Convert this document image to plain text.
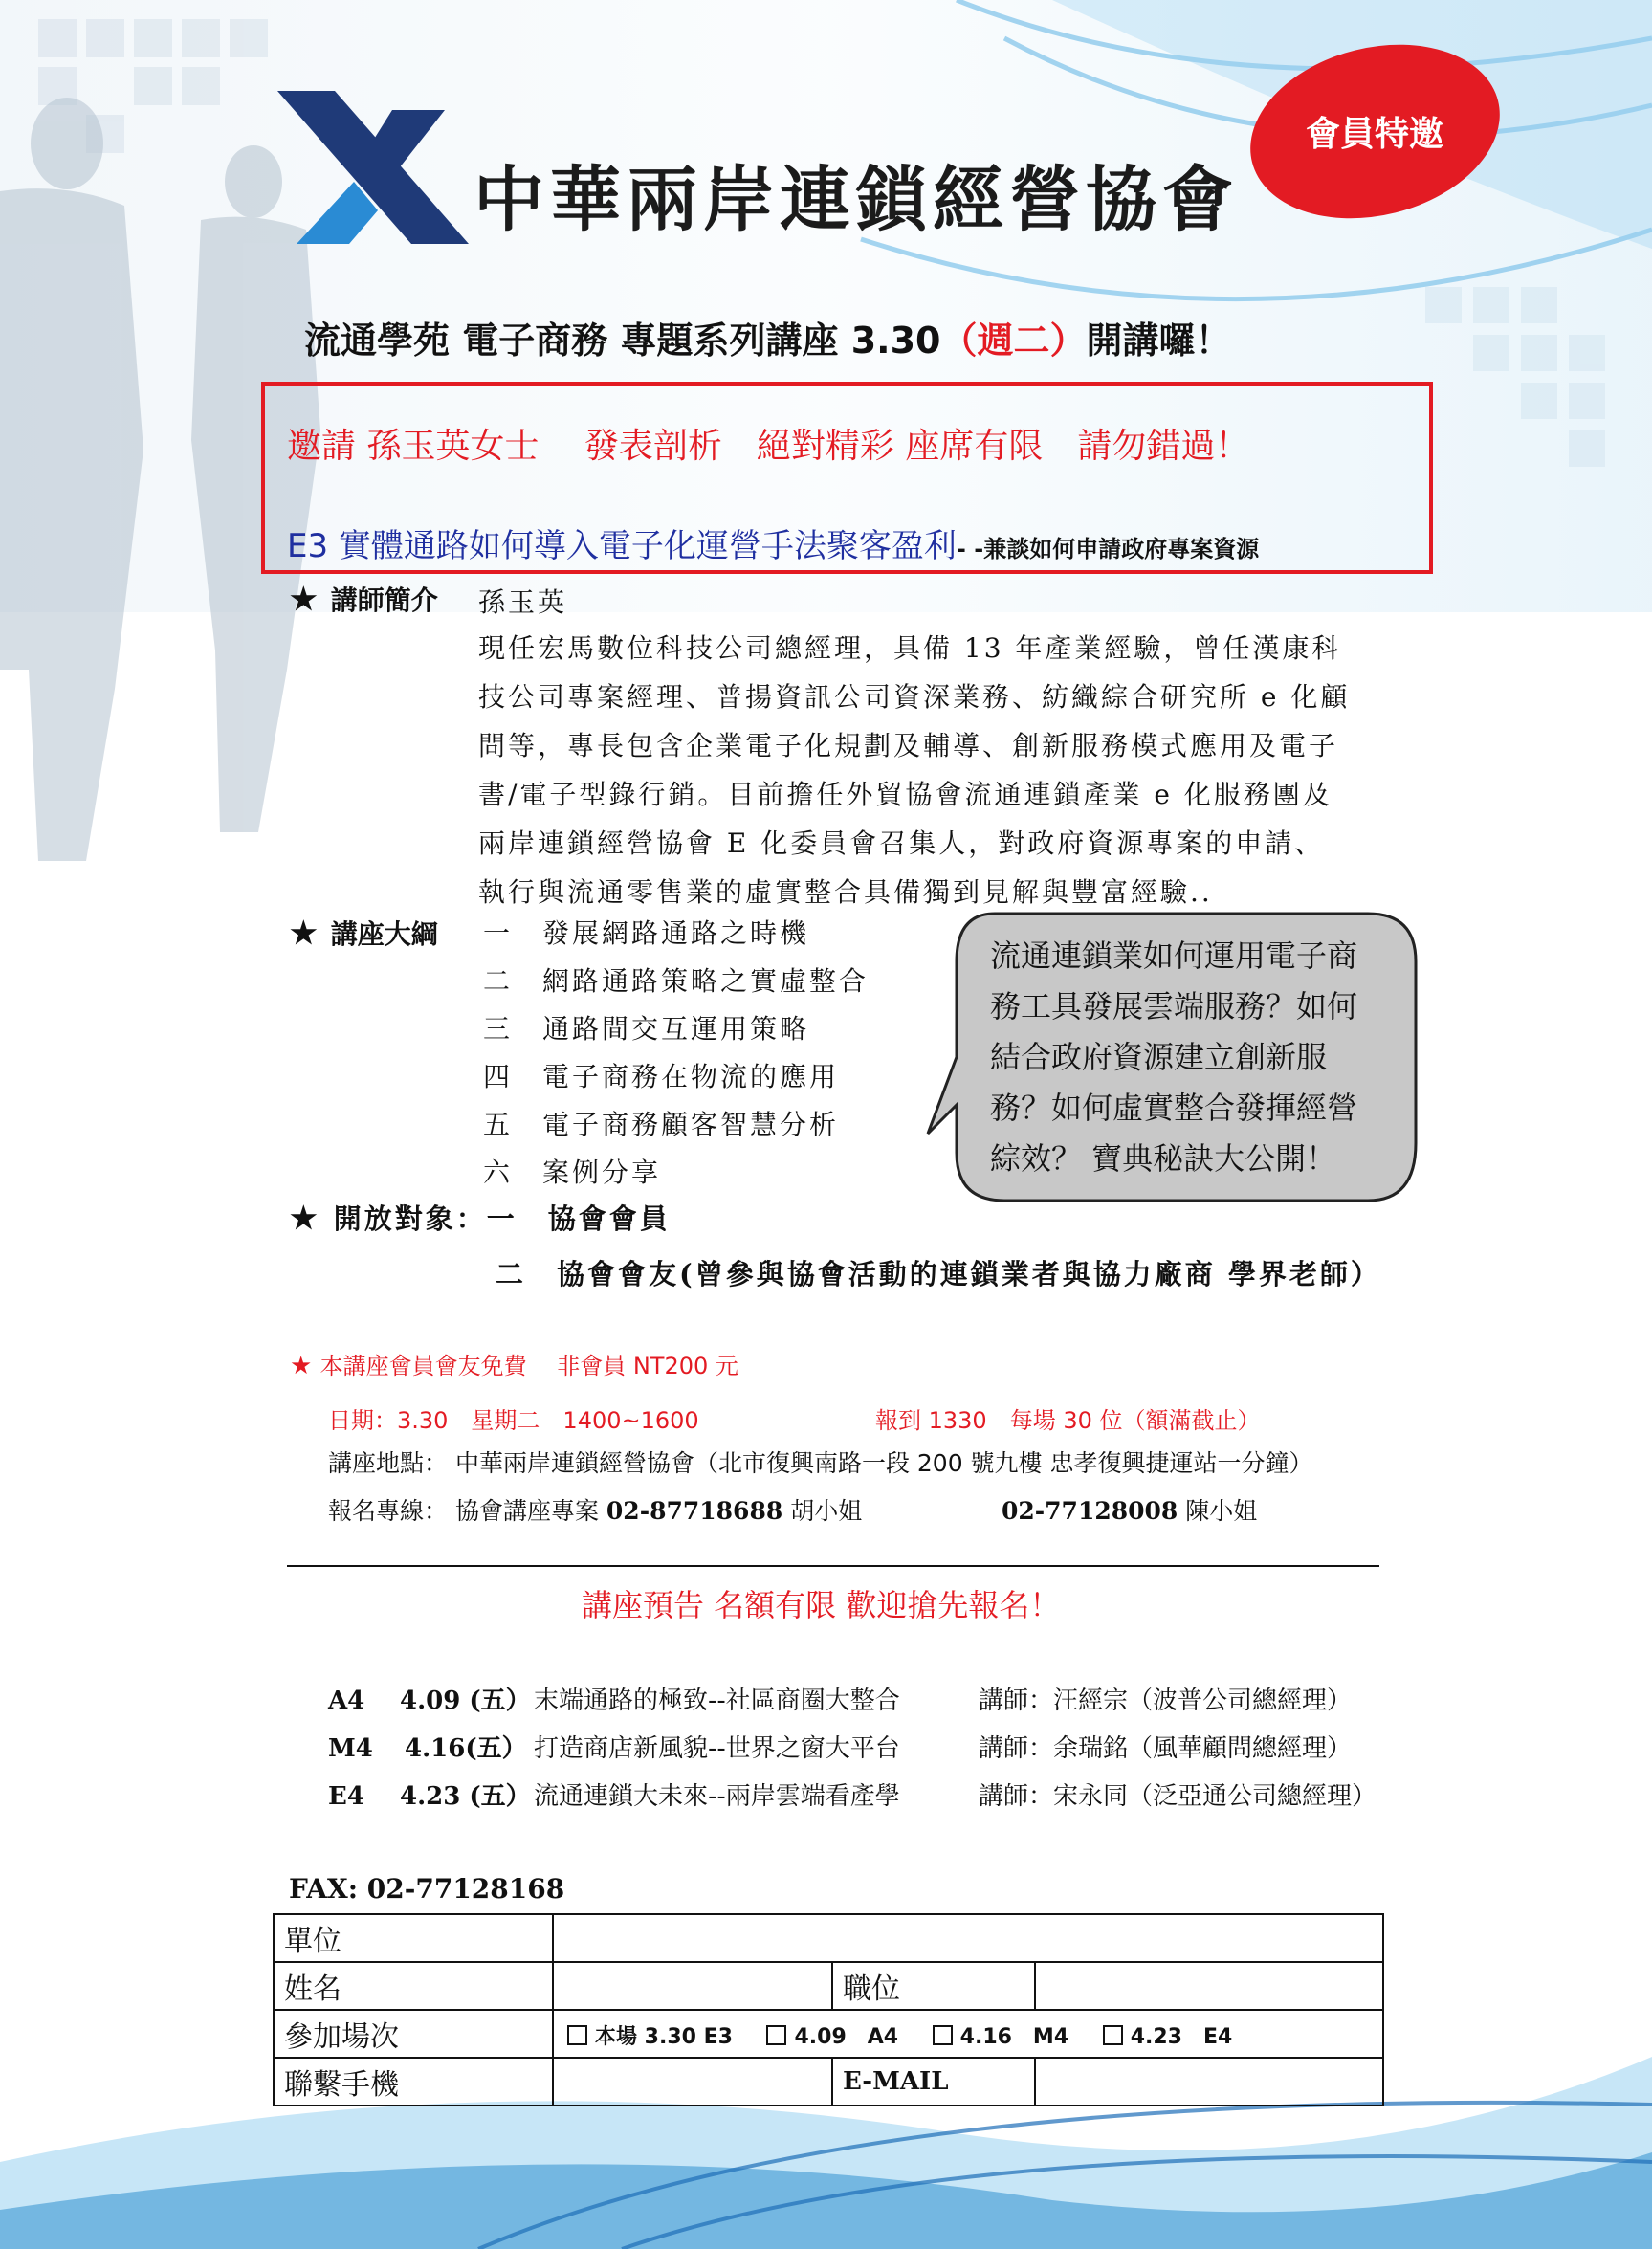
中華兩岸連鎖經營協會
會員特邀
流通學苑 電子商務 專題系列講座 3.30（週二）開講囉！
邀請 孫玉英女士　 發表剖析　絕對精彩 座席有限　請勿錯過！
E3 實體通路如何導入電子化運營手法聚客盈利- -兼談如何申請政府專案資源
★ 講師簡介 孫玉英
現任宏馬數位科技公司總經理，具備 13 年產業經驗，曾任漢康科
技公司專案經理、普揚資訊公司資深業務、紡織綜合研究所 e 化顧
問等，專長包含企業電子化規劃及輔導、創新服務模式應用及電子
書/電子型錄行銷。目前擔任外貿協會流通連鎖產業 e 化服務團及
兩岸連鎖經營協會 E 化委員會召集人，對政府資源專案的申請、
執行與流通零售業的虛實整合具備獨到見解與豐富經驗..
★ 講座大綱 一　發展網路通路之時機
二　網路通路策略之實虛整合
三　通路間交互運用策略
四　電子商務在物流的應用
五　電子商務顧客智慧分析
六　案例分享
流通連鎖業如何運用電子商
務工具發展雲端服務？如何
結合政府資源建立創新服
務？如何虛實整合發揮經營
綜效？ 寶典秘訣大公開！
★ 開放對象：一　協會會員
二　協會會友(曾參與協會活動的連鎖業者與協力廠商 學界老師）
★ 本講座會員會友免費　 非會員 NT200 元
日期：3.30　星期二　1400~1600	報到 1330　每場 30 位（額滿截止）
講座地點： 中華兩岸連鎖經營協會（北市復興南路一段 200 號九樓 忠孝復興捷運站一分鐘）
報名專線： 協會講座專案 02-87718688 胡小姐	02-77128008 陳小姐
講座預告 名額有限 歡迎搶先報名！
A4 4.09 (五） 末端通路的極致--社區商圈大整合	講師：汪經宗（波普公司總經理）
M4 4.16(五） 打造商店新風貌--世界之窗大平台	講師：余瑞銘（風華顧問總經理）
E4 4.23 (五） 流通連鎖大未來--兩岸雲端看產學	講師：宋永同（泛亞通公司總經理）
FAX: 02-77128168
單位			
姓名		職位	
參加場次	本場 3.30 E3 4.09　A4 4.16　M4 4.23　E4		
聯繫手機		E-MAIL	
